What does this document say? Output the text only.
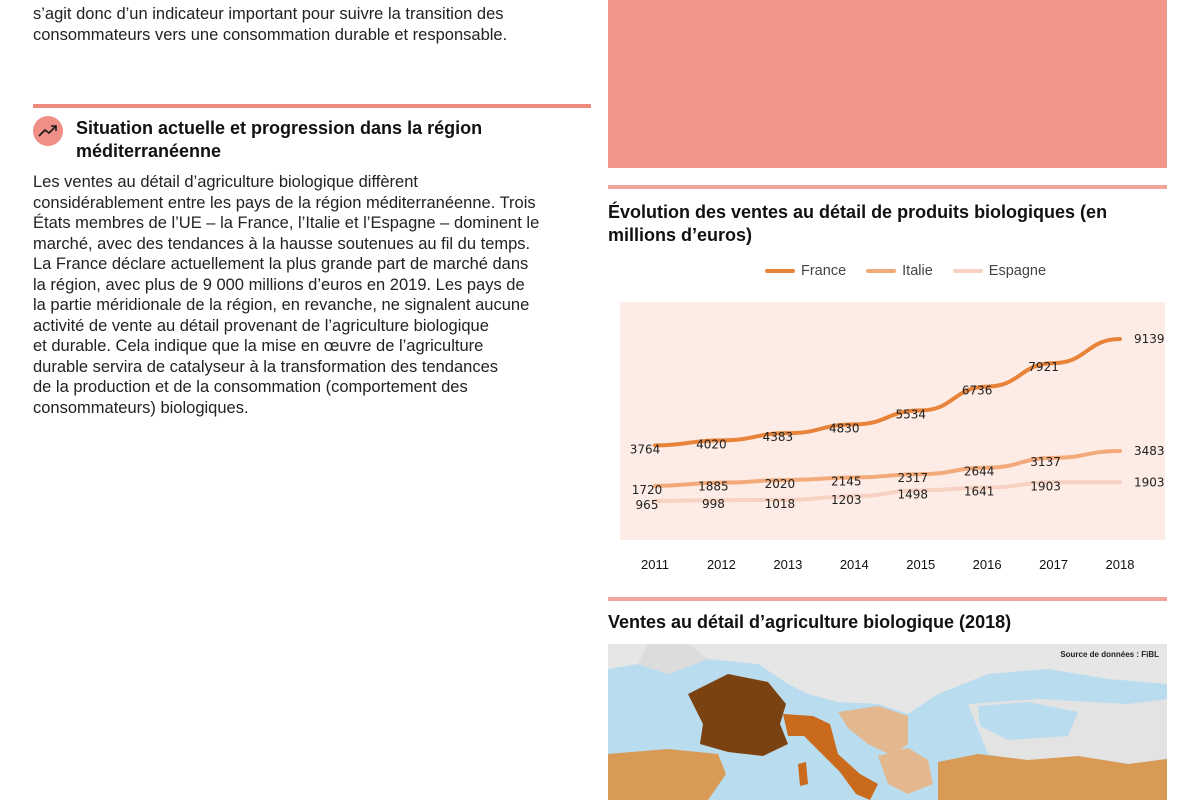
s’agit donc d’un indicateur important pour suivre la transition des
consommateurs vers une consommation durable et responsable.
Situation actuelle et progression dans la région méditerranéenne
Les ventes au détail d’agriculture biologique diffèrent
considérablement entre les pays de la région méditerranéenne. Trois
États membres de l’UE – la France, l’Italie et l’Espagne – dominent le
marché, avec des tendances à la hausse soutenues au fil du temps.
La France déclare actuellement la plus grande part de marché dans
la région, avec plus de 9 000 millions d’euros en 2019. Les pays de
la partie méridionale de la région, en revanche, ne signalent aucune
activité de vente au détail provenant de l’agriculture biologique
et durable. Cela indique que la mise en œuvre de l’agriculture
durable servira de catalyseur à la transformation des tendances
de la production et de la consommation (comportement des
consommateurs) biologiques.
Évolution des ventes au détail de produits biologiques (en millions d’euros)
France	Italie	Espagne
2011	2012	2013	2014	2015	2016	2017	2018
3764	4020
4383
4830
5534
6736
7921
9139
1720	1885	2020	2145	2317	2644
3137
3483
965	998	1018	1203	1498	1641	1903	1903
Ventes au détail d’agriculture biologique (2018)
Source de données : FiBL
